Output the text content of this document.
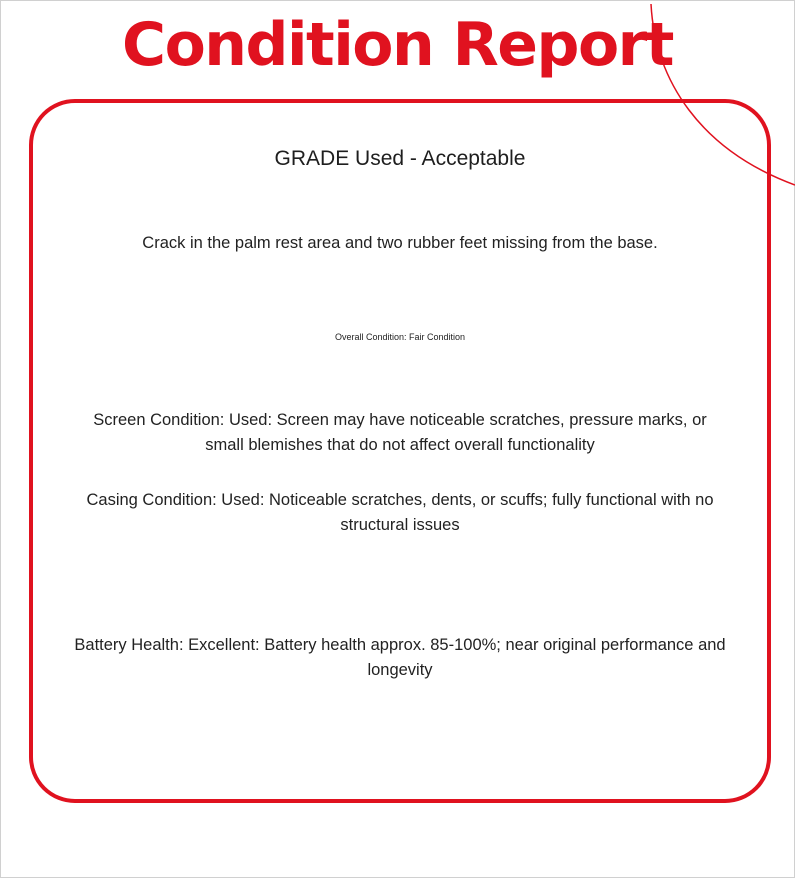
Condition Report

GRADE Used - Acceptable

Crack in the palm rest area and two rubber feet missing from the base.

Overall Condition: Fair Condition

Screen Condition: Used: Screen may have noticeable scratches, pressure marks, or small blemishes that do not affect overall functionality

Casing Condition: Used: Noticeable scratches, dents, or scuffs; fully functional with no structural issues

Battery Health: Excellent: Battery health approx. 85-100%; near original performance and longevity
